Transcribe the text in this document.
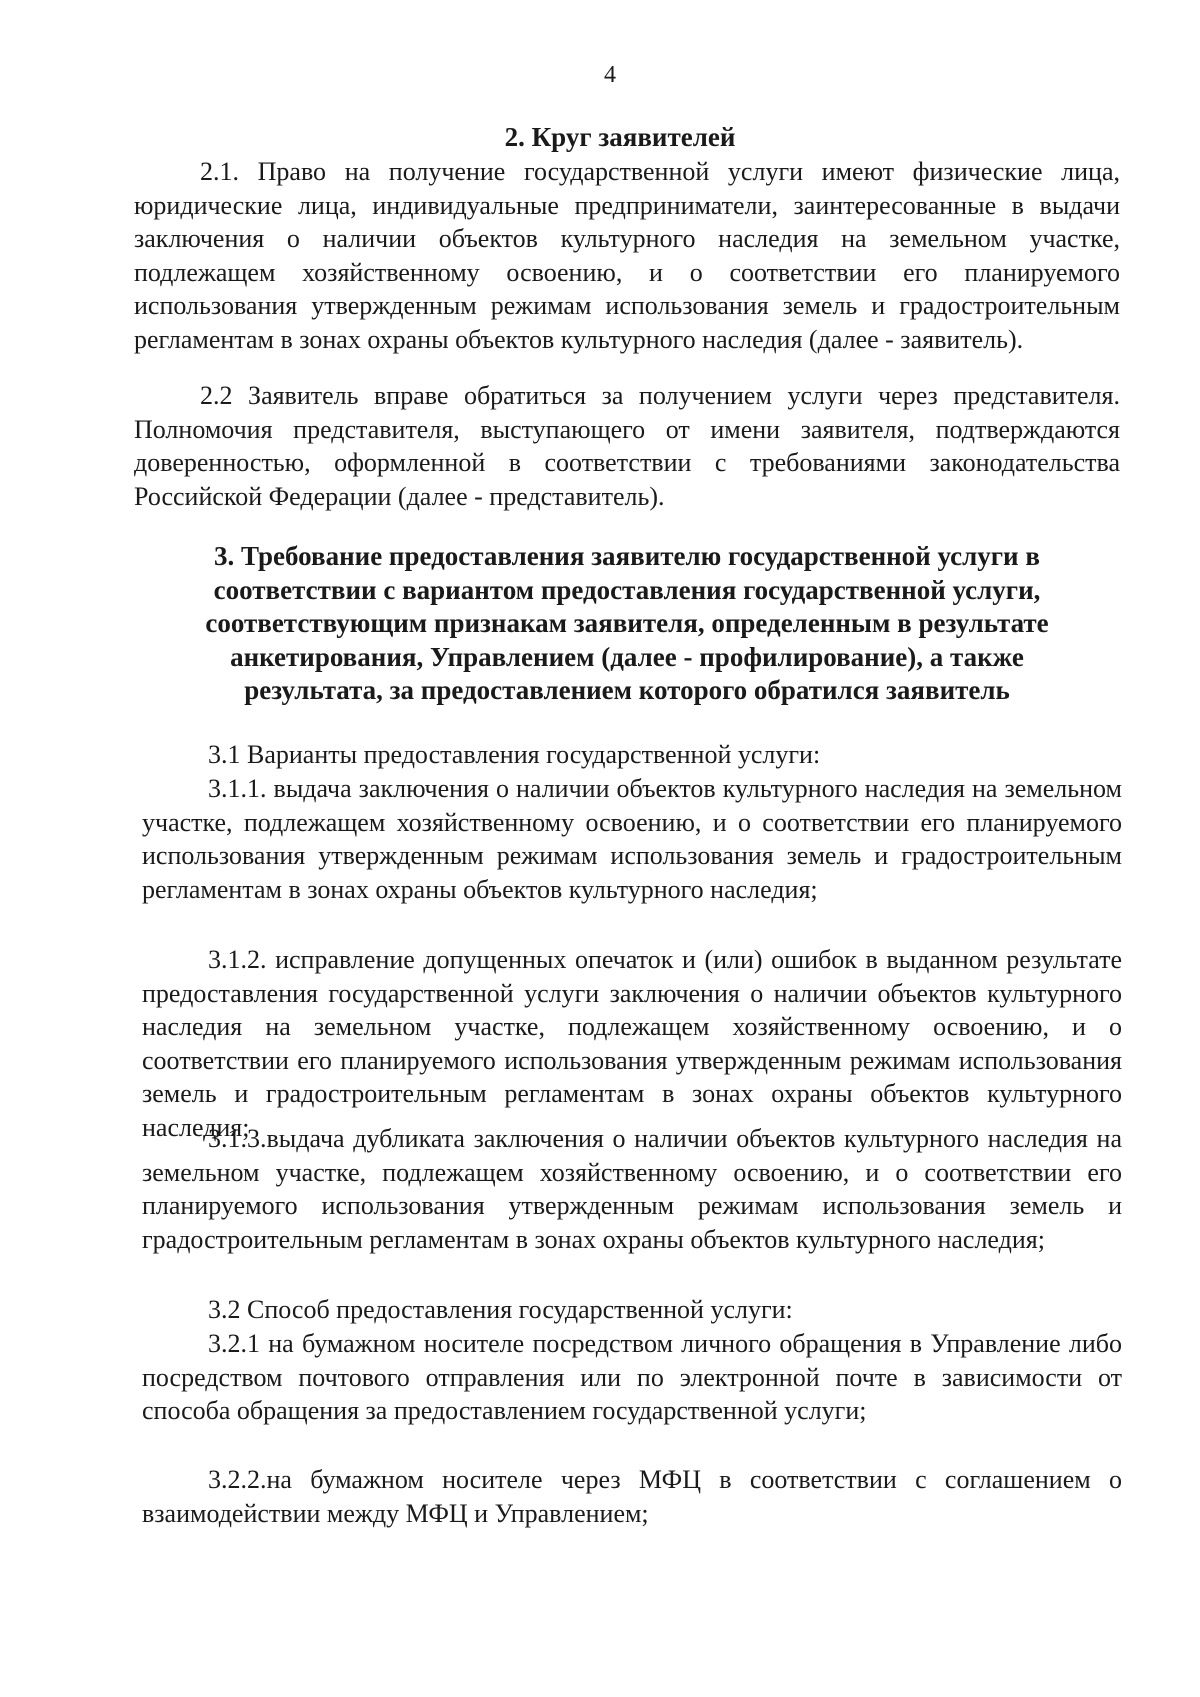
4
2. Круг заявителей

2.1. Право на получение государственной услуги имеют физические лица, юридические лица, индивидуальные предприниматели, заинтересованные в выдачи заключения о наличии объектов культурного наследия на земельном участке, подлежащем хозяйственному освоению, и о соответствии его планируемого использования утвержденным режимам использования земель и градостроительным регламентам в зонах охраны объектов культурного наследия (далее - заявитель).

2.2 Заявитель вправе обратиться за получением услуги через представителя. Полномочия представителя, выступающего от имени заявителя, подтверждаются доверенностью, оформленной в соответствии с требованиями законодательства Российской Федерации (далее - представитель).

3. Требование предоставления заявителю государственной услуги в
соответствии с вариантом предоставления государственной услуги,
соответствующим признакам заявителя, определенным в результате
анкетирования, Управлением (далее - профилирование), а также
результата, за предоставлением которого обратился заявитель

3.1 Варианты предоставления государственной услуги:

3.1.1. выдача заключения о наличии объектов культурного наследия на земельном участке, подлежащем хозяйственному освоению, и о соответствии его планируемого использования утвержденным режимам использования земель и градостроительным регламентам в зонах охраны объектов культурного наследия;

3.1.2. исправление допущенных опечаток и (или) ошибок в выданном результате предоставления государственной услуги заключения о наличии объектов культурного наследия на земельном участке, подлежащем хозяйственному освоению, и о соответствии его планируемого использования утвержденным режимам использования земель и градостроительным регламентам в зонах охраны объектов культурного наследия;

3.1.3.выдача дубликата заключения о наличии объектов культурного наследия на земельном участке, подлежащем хозяйственному освоению, и о соответствии его планируемого использования утвержденным режимам использования земель и градостроительным регламентам в зонах охраны объектов культурного наследия;

3.2 Способ предоставления государственной услуги:

3.2.1 на бумажном носителе посредством личного обращения в Управление либо посредством почтового отправления или по электронной почте в зависимости от способа обращения за предоставлением государственной услуги;

3.2.2.на бумажном носителе через МФЦ в соответствии с соглашением о взаимодействии между МФЦ и Управлением;
